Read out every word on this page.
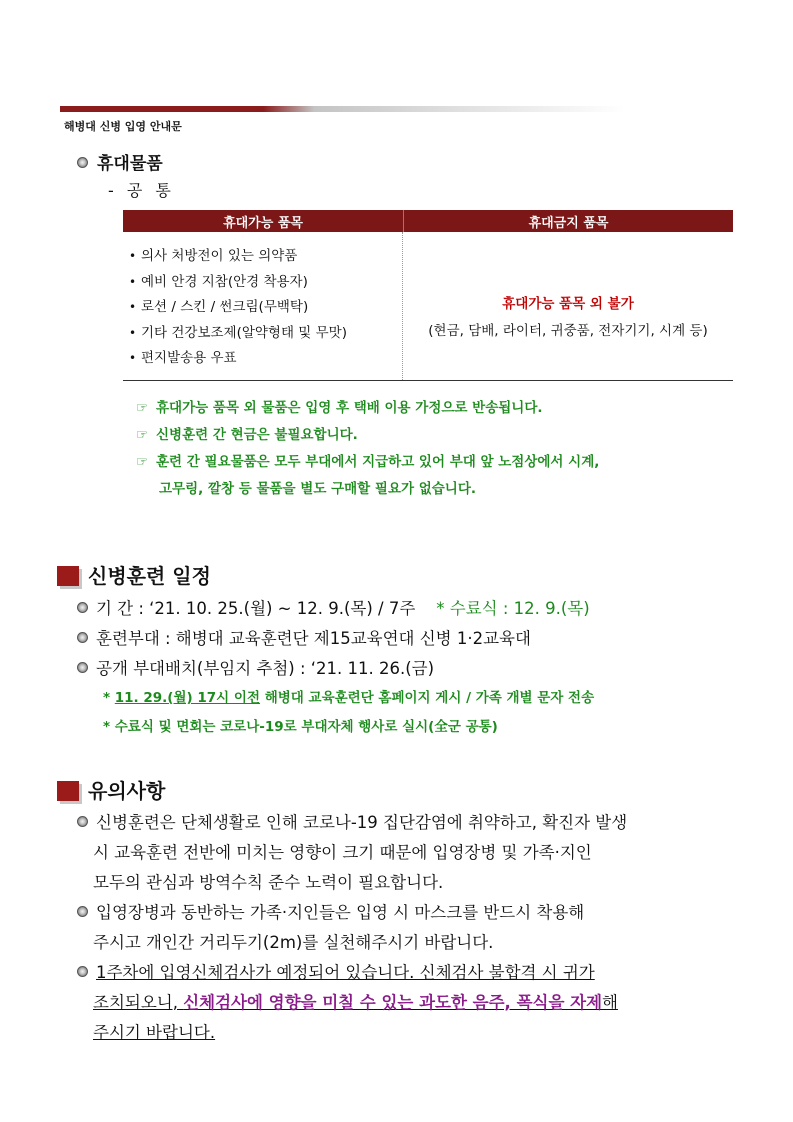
해병대 신병 입영 안내문
휴대물품
- 공 통
휴대가능 품목	휴대금지 품목
• 의사 처방전이 있는 의약품
• 예비 안경 지참(안경 착용자)
• 로션 / 스킨 / 썬크림(무백탁)
• 기타 건강보조제(알약형태 및 무맛)
• 편지발송용 우표
휴대가능 품목 외 불가
(현금, 담배, 라이터, 귀중품, 전자기기, 시계 등)

☞ 휴대가능 품목 외 물품은 입영 후 택배 이용 가정으로 반송됩니다.

☞ 신병훈련 간 현금은 불필요합니다.

☞ 훈련 간 필요물품은 모두 부대에서 지급하고 있어 부대 앞 노점상에서 시계,

고무링, 깔창 등 물품을 별도 구매할 필요가 없습니다.

신병훈련 일정
기 간 : ‘21. 10. 25.(월) ~ 12. 9.(목) / 7주 * 수료식 : 12. 9.(목)
훈련부대 : 해병대 교육훈련단 제15교육연대 신병 1·2교육대
공개 부대배치(부임지 추첨) : ‘21. 11. 26.(금)
* 11. 29.(월) 17시 이전 해병대 교육훈련단 홈페이지 게시 / 가족 개별 문자 전송
* 수료식 및 면회는 코로나-19로 부대자체 행사로 실시(全군 공통)
유의사항
신병훈련은 단체생활로 인해 코로나-19 집단감염에 취약하고, 확진자 발생
시 교육훈련 전반에 미치는 영향이 크기 때문에 입영장병 및 가족·지인
모두의 관심과 방역수칙 준수 노력이 필요합니다.
입영장병과 동반하는 가족·지인들은 입영 시 마스크를 반드시 착용해
주시고 개인간 거리두기(2m)를 실천해주시기 바랍니다.
1주차에 입영신체검사가 예정되어 있습니다. 신체검사 불합격 시 귀가
조치되오니, 신체검사에 영향을 미칠 수 있는 과도한 음주, 폭식을 자제해
주시기 바랍니다.
